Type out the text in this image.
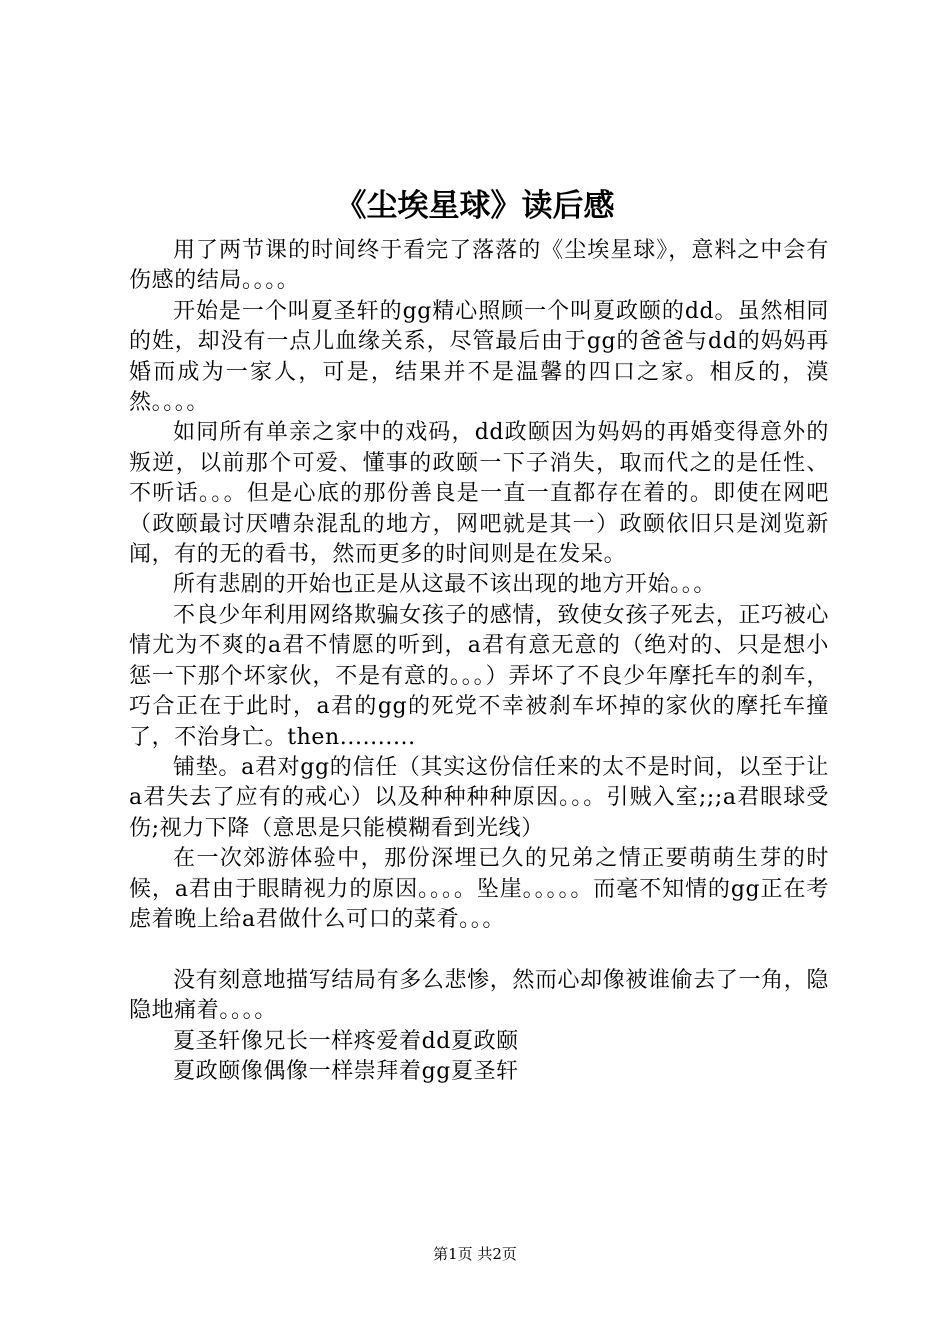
《尘埃星球》读后感

用了两节课的时间终于看完了落落的《尘埃星球》，意料之中会有伤感的结局。。。。

开始是一个叫夏圣轩的gg精心照顾一个叫夏政颐的dd。虽然相同的姓，却没有一点儿血缘关系，尽管最后由于gg的爸爸与dd的妈妈再婚而成为一家人，可是，结果并不是温馨的四口之家。相反的，漠然。。。。

如同所有单亲之家中的戏码，dd政颐因为妈妈的再婚变得意外的叛逆，以前那个可爱、懂事的政颐一下子消失，取而代之的是任性、不听话。。。但是心底的那份善良是一直一直都存在着的。即使在网吧（政颐最讨厌嘈杂混乱的地方，网吧就是其一）政颐依旧只是浏览新闻，有的无的看书，然而更多的时间则是在发呆。

所有悲剧的开始也正是从这最不该出现的地方开始。。。

不良少年利用网络欺骗女孩子的感情，致使女孩子死去，正巧被心情尤为不爽的a君不情愿的听到，a君有意无意的（绝对的、只是想小惩一下那个坏家伙，不是有意的。。。）弄坏了不良少年摩托车的刹车，巧合正在于此时，a君的gg的死党不幸被刹车坏掉的家伙的摩托车撞了，不治身亡。then..........

铺垫。a君对gg的信任（其实这份信任来的太不是时间，以至于让a君失去了应有的戒心）以及种种种种原因。。。引贼入室;;;a君眼球受伤;视力下降（意思是只能模糊看到光线）

在一次郊游体验中，那份深埋已久的兄弟之情正要萌萌生芽的时候，a君由于眼睛视力的原因。。。。坠崖。。。。。而毫不知情的gg正在考虑着晚上给a君做什么可口的菜肴。。。

没有刻意地描写结局有多么悲惨，然而心却像被谁偷去了一角，隐隐地痛着。。。。

夏圣轩像兄长一样疼爱着dd夏政颐

夏政颐像偶像一样崇拜着gg夏圣轩

第1页 共2页
